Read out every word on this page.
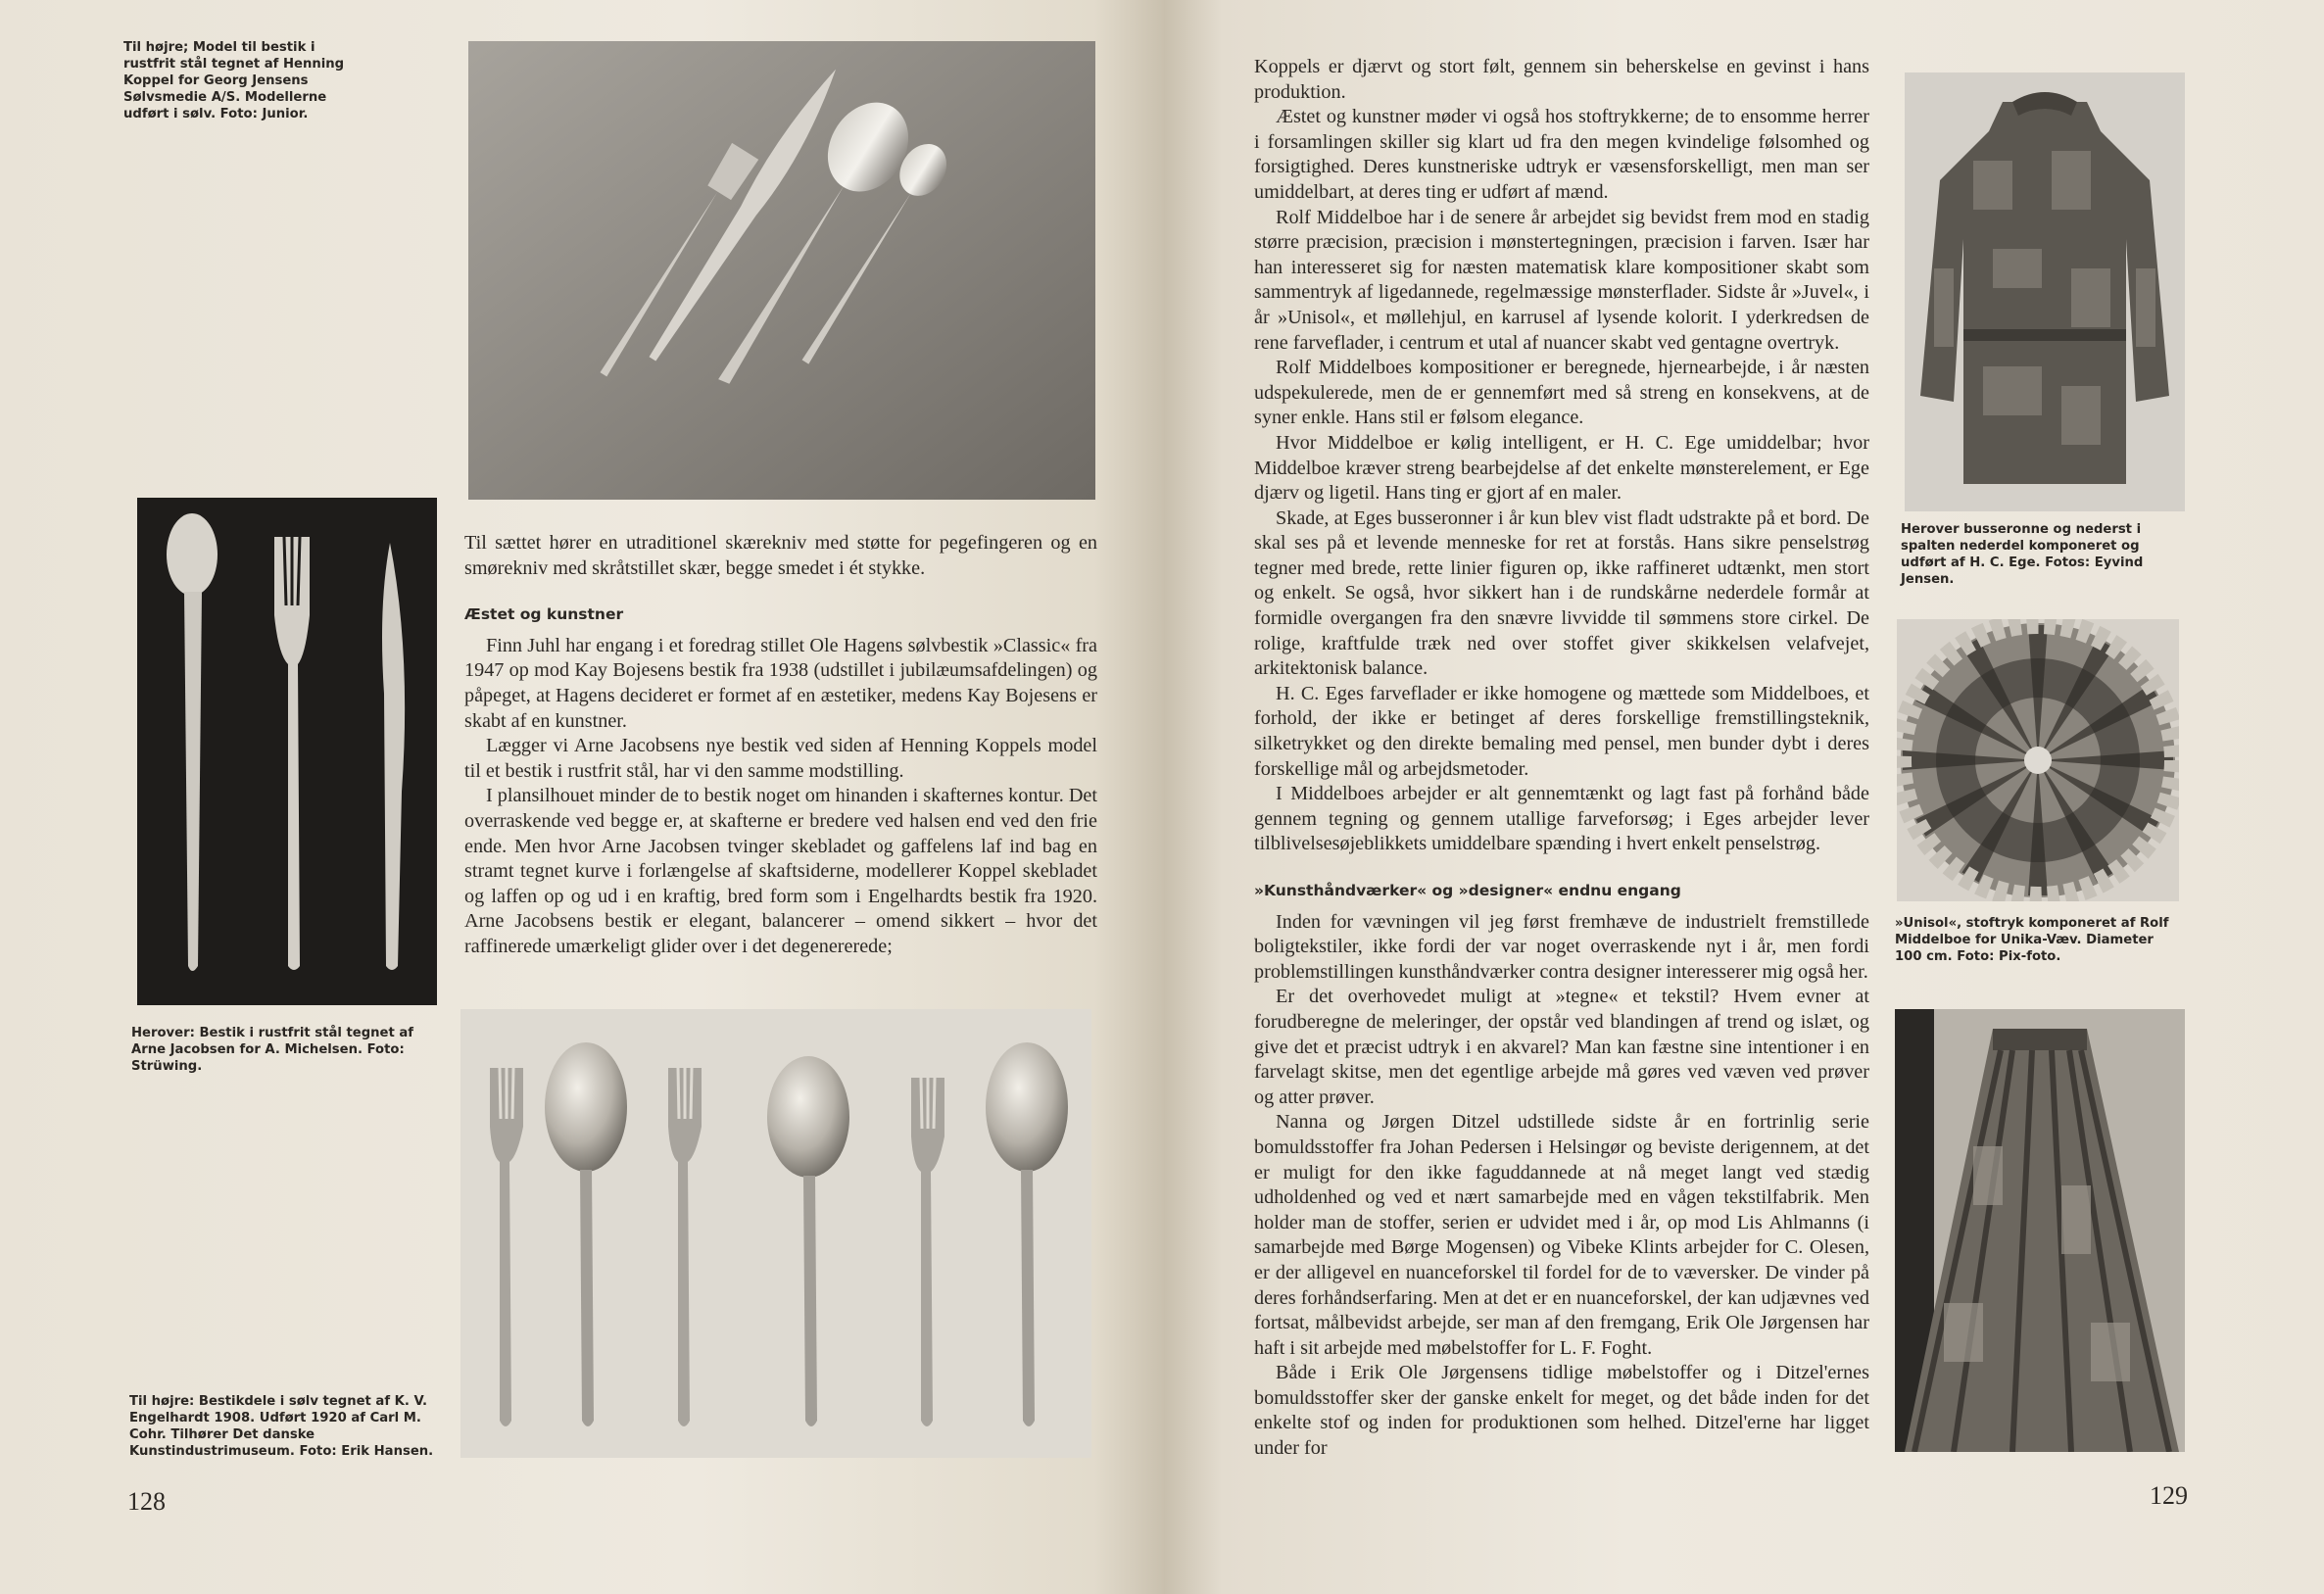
Til højre; Model til bestik i rustfrit stål tegnet af Henning Koppel for Georg Jensens Sølvsmedie A/S. Modellerne udført i sølv. Foto: Junior.
Herover: Bestik i rustfrit stål tegnet af Arne Jacobsen for A. Michelsen. Foto: Strüwing.

Til sættet hører en utraditionel skærekniv med støtte for pegefingeren og en smørekniv med skråtstillet skær, begge smedet i ét stykke.

Æstet og kunstner

Finn Juhl har engang i et foredrag stillet Ole Hagens sølvbestik »Classic« fra 1947 op mod Kay Bojesens bestik fra 1938 (udstillet i jubilæumsafdelingen) og påpeget, at Hagens decideret er formet af en æstetiker, medens Kay Bojesens er skabt af en kunstner.

Lægger vi Arne Jacobsens nye bestik ved siden af Henning Koppels model til et bestik i rustfrit stål, har vi den samme modstilling.

I plansilhouet minder de to bestik noget om hinanden i skafternes kontur. Det overraskende ved begge er, at skafterne er bredere ved halsen end ved den frie ende. Men hvor Arne Jacobsen tvinger skebladet og gaffelens laf ind bag en stramt tegnet kurve i forlængelse af skaftsiderne, modellerer Koppel skebladet og laffen op og ud i en kraftig, bred form som i Engelhardts bestik fra 1920. Arne Jacobsens bestik er elegant, balancerer – omend sikkert – hvor det raffinerede umærkeligt glider over i det degenererede;

Til højre: Bestikdele i sølv tegnet af K. V. Engelhardt 1908. Udført 1920 af Carl M. Cohr. Tilhører Det danske Kunstindustrimuseum. Foto: Erik Hansen.
128

Koppels er djærvt og stort følt, gennem sin beherskelse en gevinst i hans produktion.

Æstet og kunstner møder vi også hos stoftrykkerne; de to ensomme herrer i forsamlingen skiller sig klart ud fra den megen kvindelige følsomhed og forsigtighed. Deres kunstneriske udtryk er væsensforskelligt, men man ser umiddelbart, at deres ting er udført af mænd.

Rolf Middelboe har i de senere år arbejdet sig bevidst frem mod en stadig større præcision, præcision i mønstertegningen, præcision i farven. Især har han interesseret sig for næsten matematisk klare kompositioner skabt som sammentryk af ligedannede, regelmæssige mønsterflader. Sidste år »Juvel«, i år »Unisol«, et møllehjul, en karrusel af lysende kolorit. I yderkredsen de rene farveflader, i centrum et utal af nuancer skabt ved gentagne overtryk.

Rolf Middelboes kompositioner er beregnede, hjernearbejde, i år næsten udspekulerede, men de er gennemført med så streng en konsekvens, at de syner enkle. Hans stil er følsom elegance.

Hvor Middelboe er kølig intelligent, er H. C. Ege umiddelbar; hvor Middelboe kræver streng bearbejdelse af det enkelte mønsterelement, er Ege djærv og ligetil. Hans ting er gjort af en maler.

Skade, at Eges busseronner i år kun blev vist fladt udstrakte på et bord. De skal ses på et levende menneske for ret at forstås. Hans sikre penselstrøg tegner med brede, rette linier figuren op, ikke raffineret udtænkt, men stort og enkelt. Se også, hvor sikkert han i de rundskårne nederdele formår at formidle overgangen fra den snævre livvidde til sømmens store cirkel. De rolige, kraftfulde træk ned over stoffet giver skikkelsen velafvejet, arkitektonisk balance.

H. C. Eges farveflader er ikke homogene og mættede som Middelboes, et forhold, der ikke er betinget af deres forskellige fremstillingsteknik, silketrykket og den direkte bemaling med pensel, men bunder dybt i deres forskellige mål og arbejdsmetoder.

I Middelboes arbejder er alt gennemtænkt og lagt fast på forhånd både gennem tegning og gennem utallige farveforsøg; i Eges arbejder lever tilblivelsesøjeblikkets umiddelbare spænding i hvert enkelt penselstrøg.

»Kunsthåndværker« og »designer« endnu engang

Inden for vævningen vil jeg først fremhæve de industrielt fremstillede boligtekstiler, ikke fordi der var noget overraskende nyt i år, men fordi problemstillingen kunsthåndværker contra designer interesserer mig også her.

Er det overhovedet muligt at »tegne« et tekstil? Hvem evner at forudberegne de meleringer, der opstår ved blandingen af trend og islæt, og give det et præcist udtryk i en akvarel? Man kan fæstne sine intentioner i en farvelagt skitse, men det egentlige arbejde må gøres ved væven ved prøver og atter prøver.

Nanna og Jørgen Ditzel udstillede sidste år en fortrinlig serie bomuldsstoffer fra Johan Pedersen i Helsingør og beviste derigennem, at det er muligt for den ikke faguddannede at nå meget langt ved stædig udholdenhed og ved et nært samarbejde med en vågen tekstilfabrik. Men holder man de stoffer, serien er udvidet med i år, op mod Lis Ahlmanns (i samarbejde med Børge Mogensen) og Vibeke Klints arbejder for C. Olesen, er der alligevel en nuanceforskel til fordel for de to væversker. De vinder på deres forhåndserfaring. Men at det er en nuanceforskel, der kan udjævnes ved fortsat, målbevidst arbejde, ser man af den fremgang, Erik Ole Jørgensen har haft i sit arbejde med møbelstoffer for L. F. Foght.

Både i Erik Ole Jørgensens tidlige møbelstoffer og i Ditzel'ernes bomuldsstoffer sker der ganske enkelt for meget, og det både inden for det enkelte stof og inden for produktionen som helhed. Ditzel'erne har ligget under for

Herover busseronne og nederst i spalten nederdel komponeret og udført af H. C. Ege. Fotos: Eyvind Jensen.
»Unisol«, stoftryk komponeret af Rolf Middelboe for Unika-Væv. Diameter 100 cm. Foto: Pix-foto.
129
